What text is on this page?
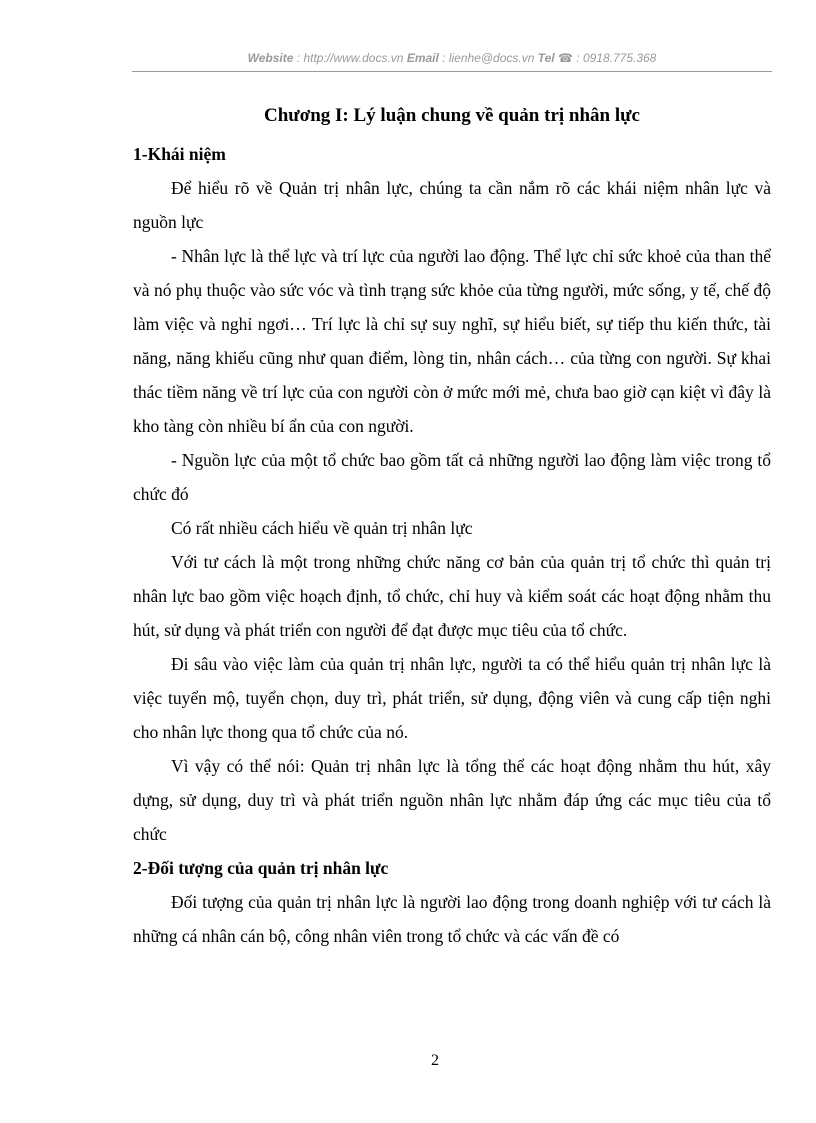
Website : http://www.docs.vn Email : lienhe@docs.vn Tel ☎ : 0918.775.368

Chương I: Lý luận chung về quản trị nhân lực

1-Khái niệm

Để hiểu rõ về Quản trị nhân lực, chúng ta cần nắm rõ các khái niệm nhân lực và nguồn lực

- Nhân lực là thể lực và trí lực của người lao động. Thể lực chỉ sức khoẻ của than thể và nó phụ thuộc vào sức vóc và tình trạng sức khỏe của từng người, mức sống, y tế, chế độ làm việc và nghỉ ngơi… Trí lực là chỉ sự suy nghĩ, sự hiểu biết, sự tiếp thu kiến thức, tài năng, năng khiếu cũng như quan điểm, lòng tin, nhân cách… của từng con người. Sự khai thác tiềm năng về trí lực của con người còn ở mức mới mẻ, chưa bao giờ cạn kiệt vì đây là kho tàng còn nhiều bí ẩn của con người.

- Nguồn lực của một tổ chức bao gồm tất cả những người lao động làm việc trong tổ chức đó

Có rất nhiều cách hiểu về quản trị nhân lực

Với tư cách là một trong những chức năng cơ bản của quản trị tổ chức thì quản trị nhân lực bao gồm việc hoạch định, tổ chức, chỉ huy và kiểm soát các hoạt động nhằm thu hút, sử dụng và phát triển con người để đạt được mục tiêu của tổ chức.

Đi sâu vào việc làm của quản trị nhân lực, người ta có thể hiểu quản trị nhân lực là việc tuyển mộ, tuyển chọn, duy trì, phát triển, sử dụng, động viên và cung cấp tiện nghi cho nhân lực thong qua tổ chức của nó.

Vì vậy có thể nói: Quản trị nhân lực là tổng thể các hoạt động nhằm thu hút, xây dựng, sử dụng, duy trì và phát triển nguồn nhân lực nhằm đáp ứng các mục tiêu của tổ chức

2-Đối tượng của quản trị nhân lực

Đối tượng của quản trị nhân lực là người lao động trong doanh nghiệp với tư cách là những cá nhân cán bộ, công nhân viên trong tổ chức và các vấn đề có

2
